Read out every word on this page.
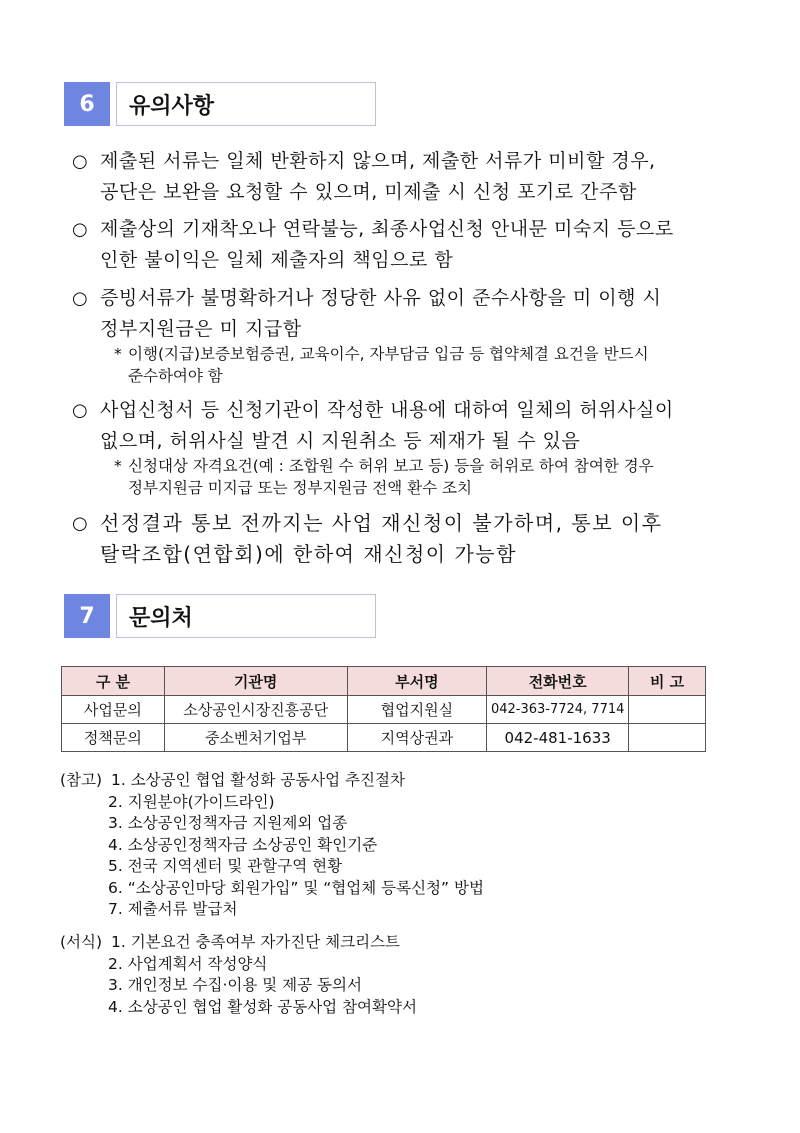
6	유의사항
○ 제출된 서류는 일체 반환하지 않으며, 제출한 서류가 미비할 경우,
공단은 보완을 요청할 수 있으며, 미제출 시 신청 포기로 간주함
○ 제출상의 기재착오나 연락불능, 최종사업신청 안내문 미숙지 등으로
인한 불이익은 일체 제출자의 책임으로 함
○ 증빙서류가 불명확하거나 정당한 사유 없이 준수사항을 미 이행 시
정부지원금은 미 지급함
* 이행(지급)보증보험증권, 교육이수, 자부담금 입금 등 협약체결 요건을 반드시
준수하여야 함
○ 사업신청서 등 신청기관이 작성한 내용에 대하여 일체의 허위사실이
없으며, 허위사실 발견 시 지원취소 등 제재가 될 수 있음
* 신청대상 자격요건(예 : 조합원 수 허위 보고 등) 등을 허위로 하여 참여한 경우
정부지원금 미지급 또는 정부지원금 전액 환수 조치
○ 선정결과 통보 전까지는 사업 재신청이 불가하며, 통보 이후
탈락조합(연합회)에 한하여 재신청이 가능함
7	문의처
구 분	기관명	부서명	전화번호	비 고
사업문의	소상공인시장진흥공단	협업지원실	042-363-7724, 7714	
정책문의	중소벤처기업부	지역상권과	042-481-1633	
(참고) 1. 소상공인 협업 활성화 공동사업 추진절차
2. 지원분야(가이드라인)
3. 소상공인정책자금 지원제외 업종
4. 소상공인정책자금 소상공인 확인기준
5. 전국 지역센터 및 관할구역 현황
6. “소상공인마당 회원가입” 및 “협업체 등록신청” 방법
7. 제출서류 발급처
(서식) 1. 기본요건 충족여부 자가진단 체크리스트
2. 사업계획서 작성양식
3. 개인정보 수집·이용 및 제공 동의서
4. 소상공인 협업 활성화 공동사업 참여확약서
